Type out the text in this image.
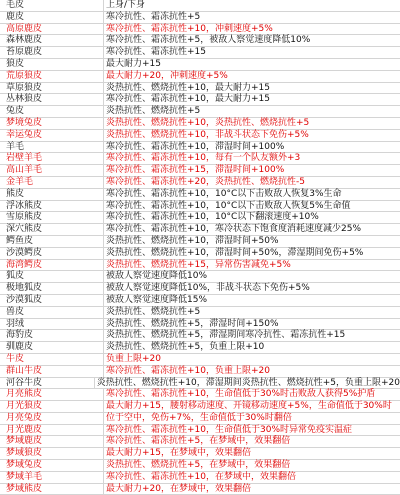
毛皮	上身/下身
鹿皮	寒冷抗性、霜冻抗性+5
高原鹿皮	寒冷抗性、霜冻抗性+10，冲刺速度+5%
森林鹿皮	寒冷抗性、霜冻抗性+5，被敌人察觉速度降低10%
苔原鹿皮	寒冷抗性、霜冻抗性+15
狼皮	最大耐力+15
荒原狼皮	最大耐力+20，冲刺速度+5%
草原狼皮	炎热抗性、燃烧抗性+10，最大耐力+15
丛林狼皮	寒冷抗性、霜冻抗性+10，最大耐力+15
兔皮	炎热抗性、燃烧抗性+5
梦境兔皮	炎热抗性、燃烧抗性+10，炎热抗性、燃烧抗性+5
幸运兔皮	炎热抗性、燃烧抗性+10，非战斗状态下免伤+5%
羊毛	寒冷抗性、霜冻抗性+10，滞湿时间+100%
岩壁羊毛	寒冷抗性、霜冻抗性+10，每有一个队友额外+3
高山羊毛	寒冷抗性、霜冻抗性+15，滞湿时间+100%
金羊毛	寒冷抗性、霜冻抗性+20，炎热抗性、燃烧抗性-5
熊皮	寒冷抗性、霜冻抗性+10，10°C以下击败敌人恢复3%生命
浮冰熊皮	寒冷抗性、霜冻抗性+10，10°C以下击败敌人恢复5%生命值
雪原熊皮	寒冷抗性、霜冻抗性+10，10°C以下翻滚速度+10%
深穴熊皮	寒冷抗性、霜冻抗性+10，寒冷状态下饱食度消耗速度减少25%
鳄鱼皮	炎热抗性、燃烧抗性+10，滞湿时间+50%
沙漠鳄皮	炎热抗性、燃烧抗性+10，滞湿时间+50%，滞湿期间免伤+5%
海湾鳄皮	炎热抗性、燃烧抗性+15，异常伤害减免+5%
狐皮	被敌人察觉速度降低10%
极地狐皮	被敌人察觉速度降低10%，非战斗状态下免伤+5%
沙漠狐皮	被敌人察觉速度降低15%
兽皮	炎热抗性、燃烧抗性+5
羽绒	炎热抗性、燃烧抗性+5，滞湿时间+150%
海豹皮	炎热抗性、燃烧抗性+5，滞湿期间寒冷抗性、霜冻抗性+15
驯鹿皮	炎热抗性、燃烧抗性+5，负重上限+10
牛皮	负重上限+20
群山牛皮	寒冷抗性、霜冻抗性+10，负重上限+20
河谷牛皮	炎热抗性、燃烧抗性+10，滞湿期间炎热抗性、燃烧抗性+5，负重上限+20
月亮熊皮	寒冷抗性、霜冻抗性+10，生命值低于30%时击败敌人获得5%护盾
月光狼皮	最大耐力+15，腰射移动速度、开镜移动速度+5%，生命值低于30%时
月亮兔皮	位于空中，免伤+7%，生命值低于30%时翻倍
月光鹿皮	寒冷抗性、霜冻抗性+10，生命值低于30%时异常免疫实温症
梦域鹿皮	寒冷抗性、霜冻抗性+5，在梦域中，效果翻倍
梦域狼皮	最大耐力+15，在梦域中，效果翻倍
梦域兔皮	炎热抗性、燃烧抗性+5，在梦域中，效果翻倍
梦域羊毛	寒冷抗性、霜冻抗性+10，在梦域中，效果翻倍
梦域熊皮	最大耐力+20，在梦域中，效果翻倍
